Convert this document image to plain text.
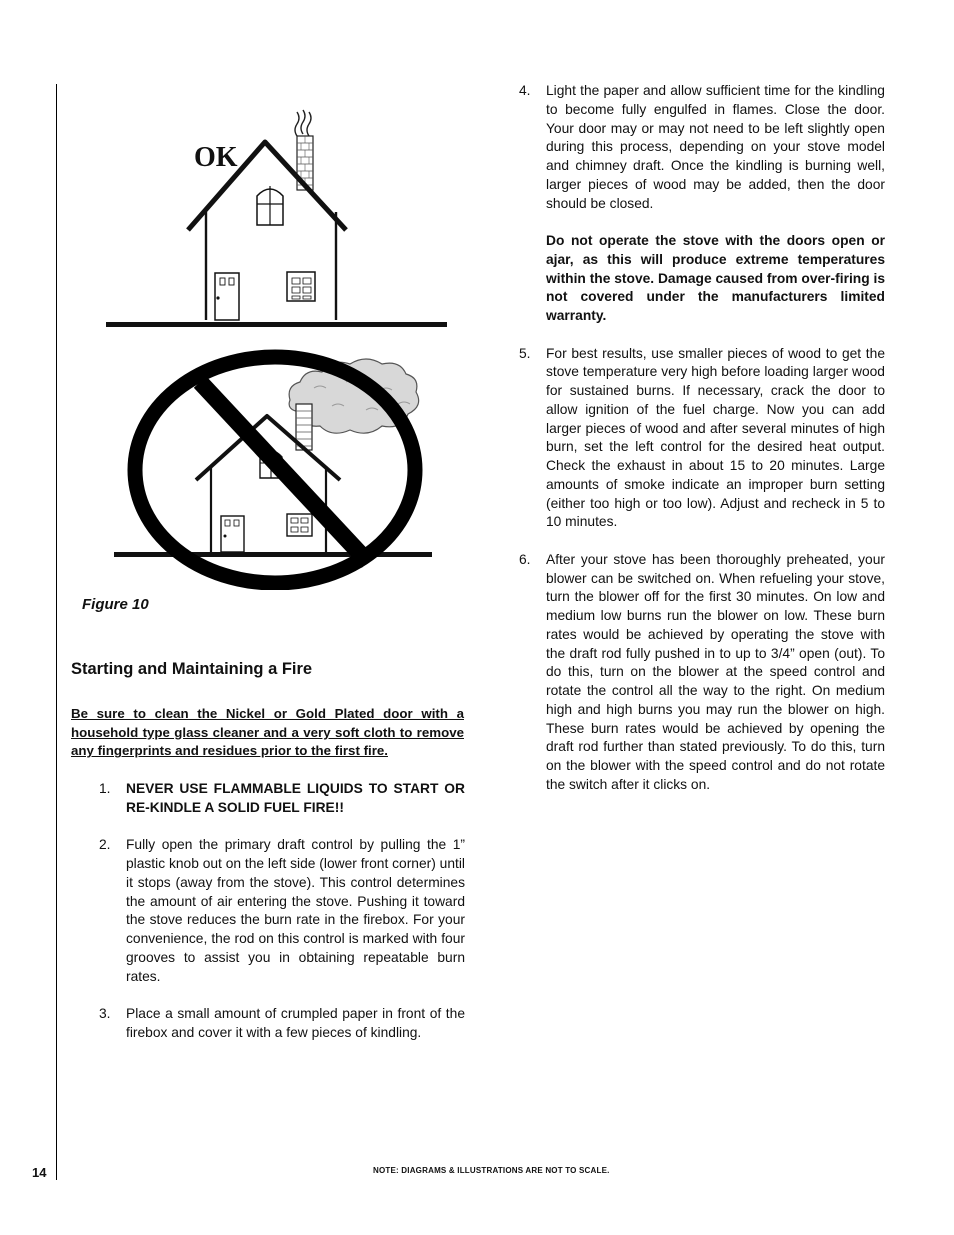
OK
Figure 10
Starting and Maintaining a Fire
Be sure to clean the Nickel or Gold Plated door with a household type glass cleaner and a very soft cloth to remove any fingerprints and residues prior to the first fire.
1. NEVER USE FLAMMABLE LIQUIDS TO START OR RE-KINDLE A SOLID FUEL FIRE!!
2. Fully open the primary draft control by pulling the 1” plastic knob out on the left side (lower front corner) until it stops (away from the stove). This control determines the amount of air entering the stove. Pushing it toward the stove reduces the burn rate in the firebox. For your convenience, the rod on this control is marked with four grooves to assist you in obtaining repeatable burn rates.
3. Place a small amount of crumpled paper in front of the firebox and cover it with a few pieces of kindling.
4. Light the paper and allow sufficient time for the kindling to become fully engulfed in flames. Close the door. Your door may or may not need to be left slightly open during this process, depending on your stove model and chimney draft. Once the kindling is burning well, larger pieces of wood may be added, then the door should be closed.
Do not operate the stove with the doors open or ajar, as this will produce extreme temperatures within the stove. Damage caused from over-firing is not covered under the manufacturers limited warranty.
5. For best results, use smaller pieces of wood to get the stove temperature very high before loading larger wood for sustained burns. If necessary, crack the door to allow ignition of the fuel charge. Now you can add larger pieces of wood and after several minutes of high burn, set the left control for the desired heat output. Check the exhaust in about 15 to 20 minutes. Large amounts of smoke indicate an improper burn setting (either too high or too low). Adjust and recheck in 5 to 10 minutes.
6. After your stove has been thoroughly preheated, your blower can be switched on. When refueling your stove, turn the blower off for the first 30 minutes. On low and medium low burns run the blower on low. These burn rates would be achieved by operating the stove with the draft rod fully pushed in to up to 3/4” open (out). To do this, turn on the blower at the speed control and rotate the control all the way to the right. On medium high and high burns you may run the blower on high. These burn rates would be achieved by opening the draft rod further than stated previously. To do this, turn on the blower with the speed control and do not rotate the switch after it clicks on.
14	NOTE: DIAGRAMS & ILLUSTRATIONS ARE NOT TO SCALE.
